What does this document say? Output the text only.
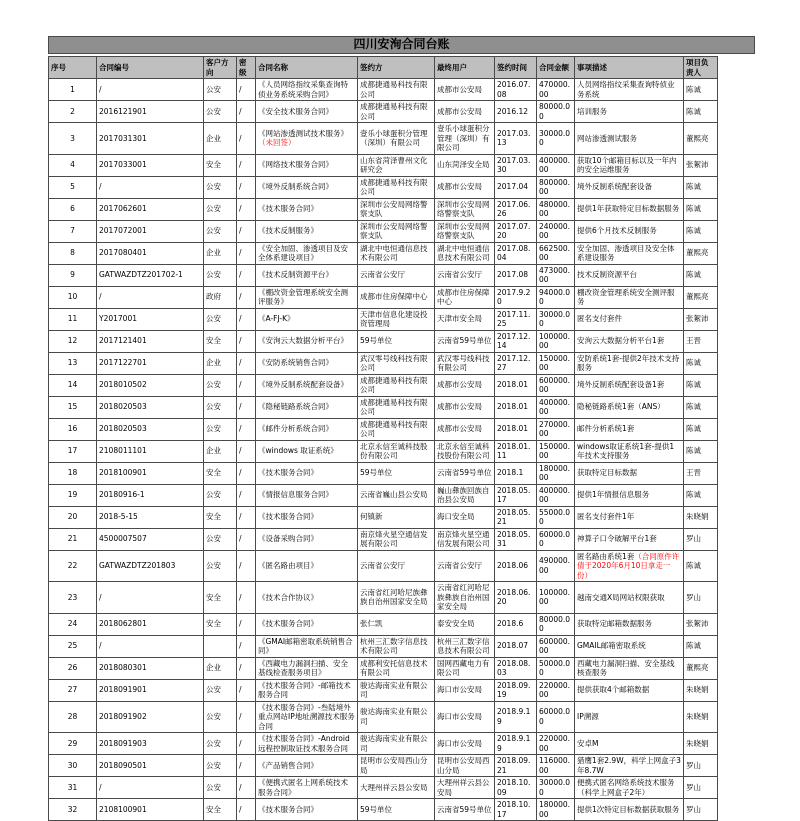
四川安洵合同台账
序号	合同编号	客户方向	密级	合同名称	签约方	最终用户	签约时间	合同金额	事项描述	项目负责人
1	/	公安	/	《人员网络指纹采集查询特侦业务系统采购合同》	成都捷通易科技有限公司	成都市公安局	2016.07.08	470000.00	人员网络指纹采集查询特侦业务系统	陈诚
2	2016121901	公安	/	《安全技术服务合同》	成都捷通易科技有限公司	成都市公安局	2016.12	80000.00	培训服务	陈诚
3	2017031301	企业	/	《网站渗透测试技术服务》（未回签）	壹乐小球蛋积分管理（深圳）有限公司	壹乐小球蛋积分管理（深圳）有限公司	2017.03.13	30000.00	网站渗透测试服务	董熙亮
4	2017033001	安全	/	《网络技术服务合同》	山东省菏泽曹州文化研究会	山东菏泽安全局	2017.03.30	400000.00	获取10个邮箱目标以及一年内的安全运维服务	张絮沛
5	/	公安	/	《境外反制系统合同》	成都捷通易科技有限公司	成都市公安局	2017.04	800000.00	境外反制系统配套设备	陈诚
6	2017062601	公安	/	《技术服务合同》	深圳市公安局网络警察支队	深圳市公安局网络警察支队	2017.06.26	480000.00	提供1年获取特定目标数据服务	陈诚
7	2017072001	公安	/	《技术反制服务》	深圳市公安局网络警察支队	深圳市公安局网络警察支队	2017.07.20	240000.00	提供6个月技术反制服务	陈诚
8	2017080401	企业	/	《安全加固、渗透项目及安全体系建设项目》	湖北中电恒通信息技术有限公司	湖北中电恒通信息技术有限公司	2017.08.04	662500.00	安全加固、渗透项目及安全体系建设服务	董熙亮
9	GATWAZDTZ201702-1	公安	/	《技术反制资源平台》	云南省公安厅	云南省公安厅	2017.08	473000.00	技术反制资源平台	陈诚
10	/	政府	/	《棚改资金管理系统安全测评服务》	成都市住房保障中心	成都市住房保障中心	2017.9.20	94000.00	棚改资金管理系统安全测评服务	董熙亮
11	Y2017001	公安	/	《A-FJ-K》	天津市信息化建设投资管理局	天津市安全局	2017.11.25	30000.00	匿名支付套件	张絮沛
12	2017121401	安全	/	《安洵云大数据分析平台》	59号单位	云南省59号单位	2017.12.14	100000.00	安洵云大数据分析平台1套	王晋
13	2017122701	企业	/	《安防系统销售合同》	武汉零号线科技有限公司	武汉零号线科技有限公司	2017.12.27	150000.00	安防系统1套-提供2年技术支持服务	陈诚
14	2018010502	公安	/	《境外反制系统配套设备》	成都捷通易科技有限公司	成都市公安局	2018.01	600000.00	境外反制系统配套设备1套	陈诚
15	2018020503	公安	/	《隐秘链路系统合同》	成都捷通易科技有限公司	成都市公安局	2018.01	400000.00	隐秘链路系统1套（ANS）	陈诚
16	2018020503	公安	/	《邮件分析系统合同》	成都捷通易科技有限公司	成都市公安局	2018.01	270000.00	邮件分析系统1套	陈诚
17	2108011101	企业	/	《windows 取证系统》	北京永信至诚科技股份有限公司	北京永信至诚科技股份有限公司	2018.01.11	150000.00	windows取证系统1套-提供1年技术支持服务	陈诚
18	2018100901	安全	/	《技术服务合同》	59号单位	云南省59号单位	2018.1	180000.00	获取特定目标数据	王晋
19	20180916-1	公安	/	《情报信息服务合同》	云南省巍山县公安局	巍山彝族回族自治县公安局	2018.05.17	400000.00	提供1年情报信息服务	陈诚
20	2018-5-15	安全	/	《技术服务合同》	何镇新	海口安全局	2018.05.21	55000.00	匿名支付套件1年	朱晓娟
21	4500007507	公安	/	《设备采购合同》	南京烽火星空通信发展有限公司	南京烽火星空通信发展有限公司	2018.05.31	60000.00	神算子口令破解平台1套	罗山
22	GATWAZDTZ201803	公安	/	《匿名路由项目》	云南省公安厅	云南省公安厅	2018.06	490000.00	匿名路由系统1套（合同原件许倩于2020年6月10日拿走一份）	陈诚
23	/	安全	/	《技术合作协议》	云南省红河哈尼族彝族自治州国家安全局	云南省红河哈尼族彝族自治州国家安全局	2018.06.20	100000.00	越南交通X局网站权限获取	罗山
24	2018062801	安全	/	《技术服务合同》	张仁凯	泰安安全局	2018.6	80000.00	获取特定邮箱数据服务	张絮沛
25	/		/	《GMAI邮箱密取系统销售合同》	杭州三汇数字信息技术有限公司	杭州三汇数字信息技术有限公司	2018.07	600000.00	GMAIL邮箱密取系统	陈诚
26	2018080301	企业	/	《西藏电力漏洞扫描、安全基线检查服务项目》	成都利安托信息技术有限公司	国网西藏电力有限公司	2018.08.03	50000.00	西藏电力漏洞扫描、安全基线核查服务	董熙亮
27	2018091901	公安	/	《技术服务合同》-邮箱技术服务合同	骏达海南实业有限公司	海口市公安局	2018.09.19	220000.00	提供获取4个邮箱数据	朱晓娟
28	2018091902	公安	/	《技术服务合同》-叁陆境外重点网站IP地址溯源技术服务合同	骏达海南实业有限公司	海口市公安局	2018.9.19	60000.00	IP溯源	朱晓娟
29	2018091903	公安	/	《技术服务合同》-Android远程控制取证技术服务合同	骏达海南实业有限公司	海口市公安局	2018.9.19	220000.00	安卓M	朱晓娟
30	2018090501	公安	/	《产品销售合同》	昆明市公安局西山分局	昆明市公安局西山分局	2018.09.21	116000.00	猎鹰1套2.9W，科学上网盒子3年8.7W	罗山
31	/	公安	/	《便携式匿名上网系统技术服务合同》	大理州祥云县公安局	大理州祥云县公安局	2018.10.09	30000.00	便携式匿名网络系统技术服务（科学上网盒子2年）	罗山
32	2108100901	安全	/	《技术服务合同》	59号单位	云南省59号单位	2018.10.17	180000.00	提供1次特定目标数据获取服务	罗山
